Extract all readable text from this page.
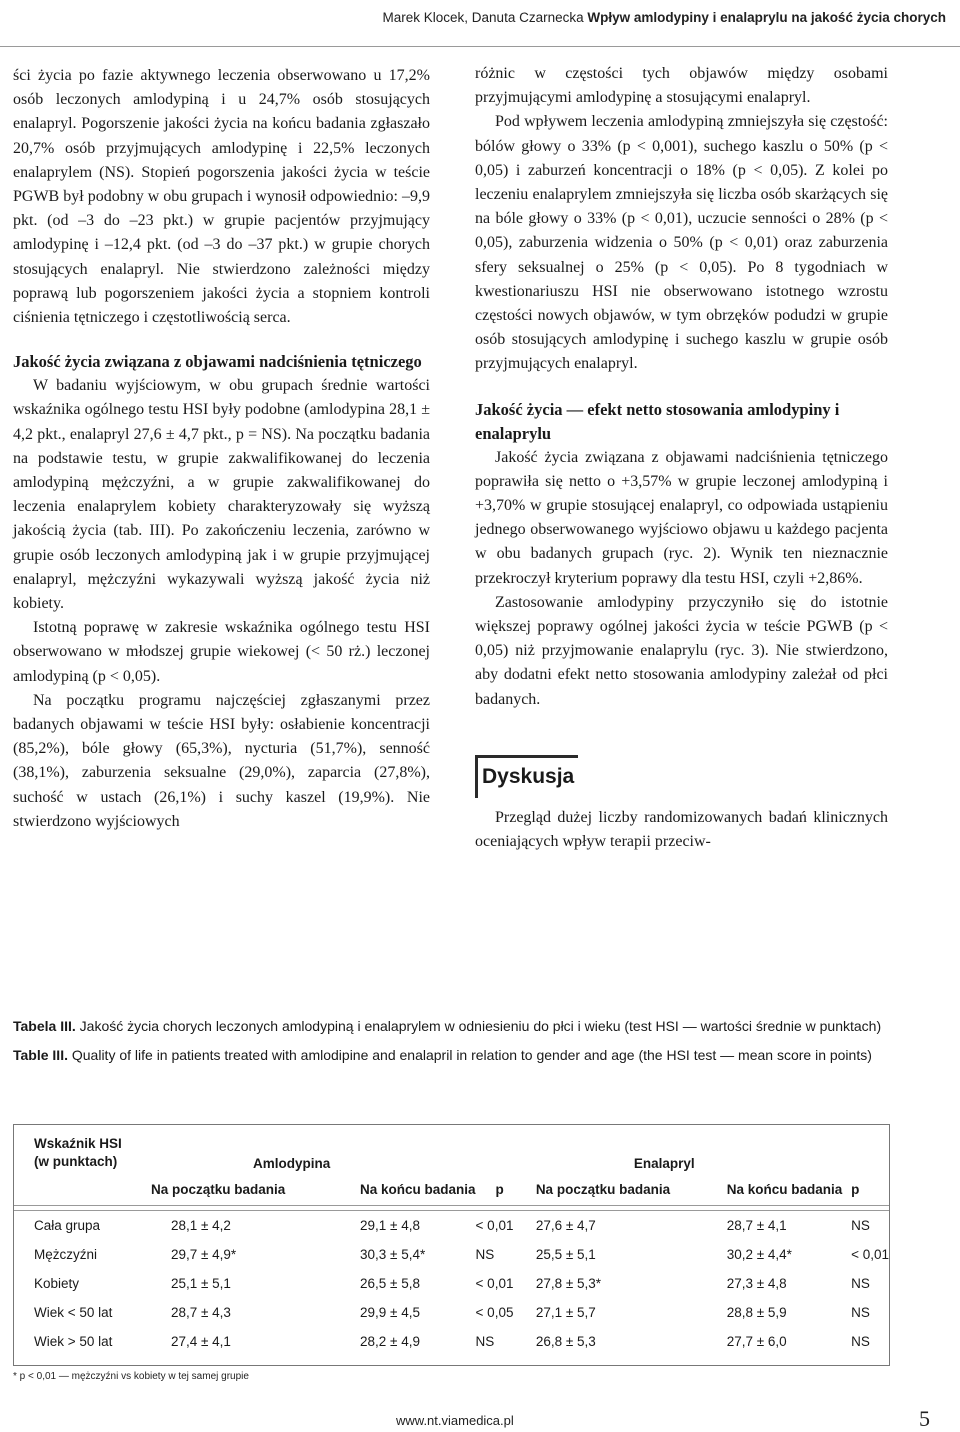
Marek Klocek, Danuta Czarnecka Wpływ amlodypiny i enalaprylu na jakość życia chorych

ści życia po fazie aktywnego leczenia obserwowano u 17,2% osób leczonych amlodypiną i u 24,7% osób stosujących enalapryl. Pogorszenie jakości życia na końcu badania zgłaszało 20,7% osób przyjmujących amlodypinę i 22,5% leczonych enalaprylem (NS). Stopień pogorszenia jakości życia w teście PGWB był podobny w obu grupach i wynosił odpowiednio: –9,9 pkt. (od –3 do –23 pkt.) w grupie pacjentów przyjmujący amlodypinę i –12,4 pkt. (od –3 do –37 pkt.) w grupie chorych stosujących enalapryl. Nie stwierdzono zależności między poprawą lub pogorszeniem jakości życia a stopniem kontroli ciśnienia tętniczego i częstotliwością serca.

Jakość życia związana z objawami nadciśnienia tętniczego

W badaniu wyjściowym, w obu grupach średnie wartości wskaźnika ogólnego testu HSI były podobne (amlodypina 28,1 ± 4,2 pkt., enalapryl 27,6 ± 4,7 pkt., p = NS). Na początku badania na podstawie testu, w grupie zakwalifikowanej do leczenia amlodypiną mężczyźni, a w grupie zakwalifikowanej do leczenia enalaprylem kobiety charakteryzowały się wyższą jakością życia (tab. III). Po zakończeniu leczenia, zarówno w grupie osób leczonych amlodypiną jak i w grupie przyjmującej enalapryl, mężczyźni wykazywali wyższą jakość życia niż kobiety.

Istotną poprawę w zakresie wskaźnika ogólnego testu HSI obserwowano w młodszej grupie wiekowej (< 50 rż.) leczonej amlodypiną (p < 0,05).

Na początku programu najczęściej zgłaszanymi przez badanych objawami w teście HSI były: osłabienie koncentracji (85,2%), bóle głowy (65,3%), nycturia (51,7%), senność (38,1%), zaburzenia seksualne (29,0%), zaparcia (27,8%), suchość w ustach (26,1%) i suchy kaszel (19,9%). Nie stwierdzono wyjściowych

różnic w częstości tych objawów między osobami przyjmującymi amlodypinę a stosującymi enalapryl.

Pod wpływem leczenia amlodypiną zmniejszyła się częstość: bólów głowy o 33% (p < 0,001), suchego kaszlu o 50% (p < 0,05) i zaburzeń koncentracji o 18% (p < 0,05). Z kolei po leczeniu enalaprylem zmniejszyła się liczba osób skarżących się na bóle głowy o 33% (p < 0,01), uczucie senności o 28% (p < 0,05), zaburzenia widzenia o 50% (p < 0,01) oraz zaburzenia sfery seksualnej o 25% (p < 0,05). Po 8 tygodniach w kwestionariuszu HSI nie obserwowano istotnego wzrostu częstości nowych objawów, w tym obrzęków podudzi w grupie osób stosujących amlodypinę i suchego kaszlu w grupie osób przyjmujących enalapryl.

Jakość życia — efekt netto stosowania amlodypiny i enalaprylu

Jakość życia związana z objawami nadciśnienia tętniczego poprawiła się netto o +3,57% w grupie leczonej amlodypiną i +3,70% w grupie stosującej enalapryl, co odpowiada ustąpieniu jednego obserwowanego wyjściowo objawu u każdego pacjenta w obu badanych grupach (ryc. 2). Wynik ten nieznacznie przekroczył kryterium poprawy dla testu HSI, czyli +2,86%.

Zastosowanie amlodypiny przyczyniło się do istotnie większej poprawy ogólnej jakości życia w teście PGWB (p < 0,05) niż przyjmowanie enalaprylu (ryc. 3). Nie stwierdzono, aby dodatni efekt netto stosowania amlodypiny zależał od płci badanych.

Dyskusja

Przegląd dużej liczby randomizowanych badań klinicznych oceniających wpływ terapii przeciw-

Tabela III. Jakość życia chorych leczonych amlodypiną i enalaprylem w odniesieniu do płci i wieku (test HSI — wartości średnie w punktach)

Table III. Quality of life in patients treated with amlodipine and enalapril in relation to gender and age (the HSI test — mean score in points)

Wskaźnik HSI
(w punktach)	Amlodypina			Enalapryl		
	Na początku badania	Na końcu badania	p	Na początku badania	Na końcu badania	p

Cała grupa	28,1 ± 4,2	29,1 ± 4,8	< 0,01	27,6 ± 4,7	28,7 ± 4,1	NS
Mężczyźni	29,7 ± 4,9*	30,3 ± 5,4*	NS	25,5 ± 5,1	30,2 ± 4,4*	< 0,01
Kobiety	25,1 ± 5,1	26,5 ± 5,8	< 0,01	27,8 ± 5,3*	27,3 ± 4,8	NS
Wiek < 50 lat	28,7 ± 4,3	29,9 ± 4,5	< 0,05	27,1 ± 5,7	28,8 ± 5,9	NS
Wiek > 50 lat	27,4 ± 4,1	28,2 ± 4,9	NS	26,8 ± 5,3	27,7 ± 6,0	NS
* p < 0,01 — mężczyźni vs kobiety w tej samej grupie
www.nt.viamedica.pl	5
